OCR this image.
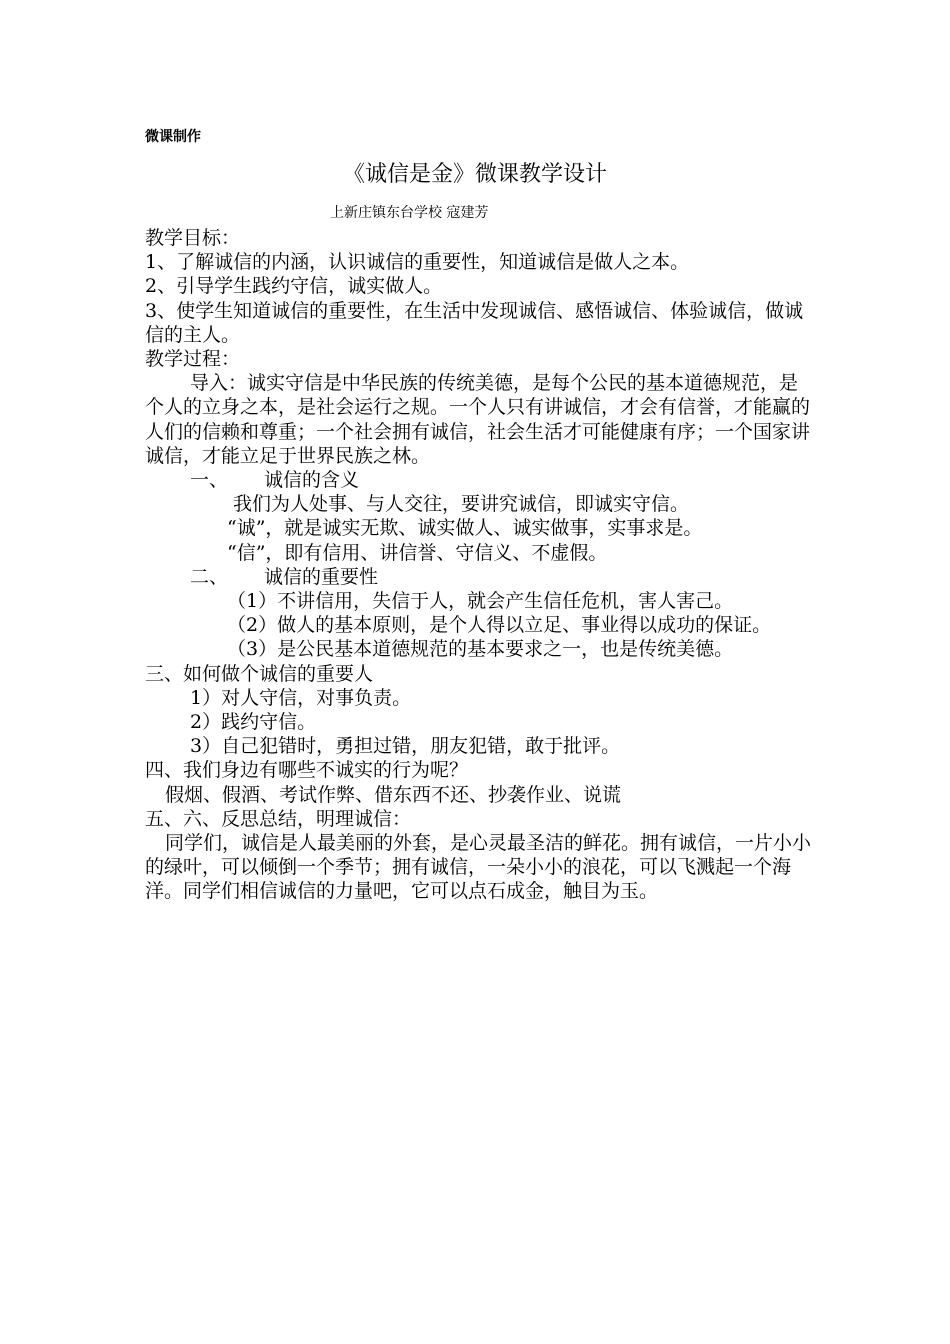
微课制作
《诚信是金》微课教学设计
上新庄镇东台学校 寇建芳

教学目标：

1、了解诚信的内涵，认识诚信的重要性，知道诚信是做人之本。

2、引导学生践约守信，诚实做人。

3、使学生知道诚信的重要性，在生活中发现诚信、感悟诚信、体验诚信，做诚信的主人。

教学过程：

导入：诚实守信是中华民族的传统美德，是每个公民的基本道德规范，是个人的立身之本，是社会运行之规。一个人只有讲诚信，才会有信誉，才能赢的人们的信赖和尊重；一个社会拥有诚信，社会生活才可能健康有序；一个国家讲诚信，才能立足于世界民族之林。

一、 诚信的含义

我们为人处事、与人交往，要讲究诚信，即诚实守信。

“诚”，就是诚实无欺、诚实做人、诚实做事，实事求是。

“信”，即有信用、讲信誉、守信义、不虚假。

二、 诚信的重要性

（1）不讲信用，失信于人，就会产生信任危机，害人害己。

（2）做人的基本原则，是个人得以立足、事业得以成功的保证。

（3）是公民基本道德规范的基本要求之一，也是传统美德。

三、如何做个诚信的重要人

1）对人守信，对事负责。

2）践约守信。

3）自己犯错时，勇担过错，朋友犯错，敢于批评。

四、我们身边有哪些不诚实的行为呢？

假烟、假酒、考试作弊、借东西不还、抄袭作业、说谎

五、六、反思总结，明理诚信：

同学们，诚信是人最美丽的外套，是心灵最圣洁的鲜花。拥有诚信，一片小小的绿叶，可以倾倒一个季节；拥有诚信，一朵小小的浪花，可以飞溅起一个海洋。同学们相信诚信的力量吧，它可以点石成金，触目为玉。
